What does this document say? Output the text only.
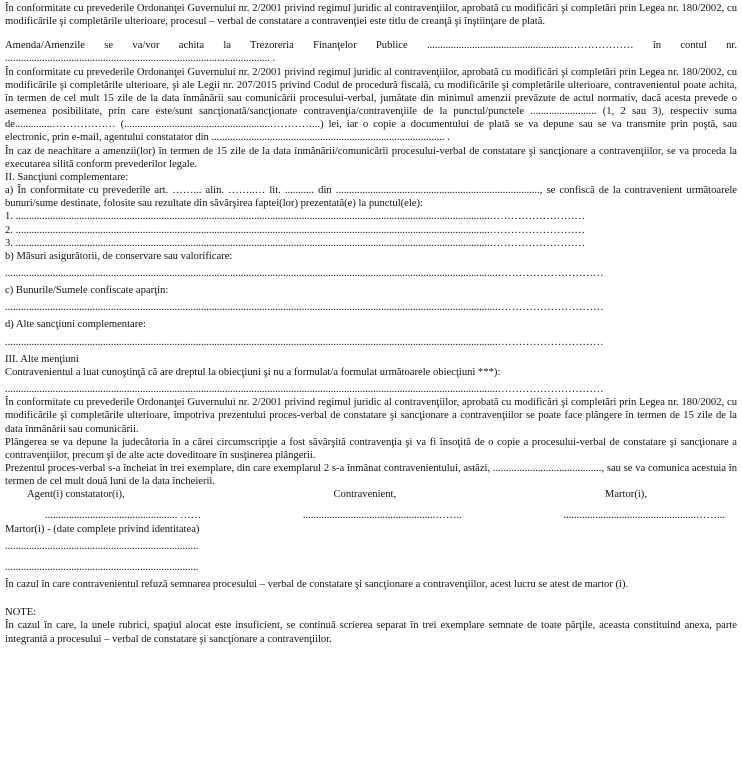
În conformitate cu prevederile Ordonanţei Guvernului nr. 2/2001 privind regimul juridic al contravenţiilor, aprobată cu modificări şi completări prin Legea nr. 180/2002, cu modificările şi completările ulterioare, procesul – verbal de constatare a contravenţiei este titlu de creanţă şi înştiinţare de plată.

Amenda/Amenzile se va/vor achita la Trezoreria Finanţelor Publice ......................................................……………… în contul nr. .................................................................................................... .

În conformitate cu prevederile Ordonanţei Guvernului nr. 2/2001 privind regimul juridic al contravenţiilor, aprobată cu modificări şi completări prin Legea nr. 180/2002, cu modificările şi completările ulterioare, şi ale Legii nr. 207/2015 privind Codul de procedură fiscală, cu modificările şi completările ulterioare, contravenientul poate achita, în termen de cel mult 15 zile de la data înmânării sau comunicării procesului-verbal, jumătate din minimul amenzii prevăzute de actul normativ, dacă acesta prevede o asemenea posibilitate, prin care este/sunt sancţionată/sancţionate contravenţia/contravenţiile de la punctul/punctele ......................... (1, 2 sau 3), respectiv suma de..............……………… (.......................................................…………...) lei, iar o copie a documentului de plată se va depune sau se va transmite prin poştă, sau electronic, prin e-mail, agentului constatator din ........................................................................................ .

În caz de neachitare a amenzii(lor) în termen de 15 zile de la data înmânării/comunicării procesului-verbal de constatare şi sancţionare a contravenţiilor, se va proceda la executarea silită conform prevederilor legale.

II. Sancţiuni complementare:

a) În conformitate cu prevederile art. ……... alin. ……..… lit. ........... din ............................................................................., se confiscă de la contravenient următoarele bunuri/sume destinate, folosite sau rezultate din săvârşirea faptei(lor) prezentată(e) la punctul(ele):

1. ...................................................................................................................................................................................………………………

2. ...................................................................................................................................................................................………………………

3. ...................................................................................................................................................................................………………………

b) Măsuri asigurătorii, de conservare sau valorificare:

..........................................................................................................................................................................................…………………………

c) Bunurile/Sumele confiscate aparţin:

..........................................................................................................................................................................................…………………………

d) Alte sancţiuni complementare:

..........................................................................................................................................................................................…………………………

III. Alte menţiuni

Contravenientul a luat cunoştinţă că are dreptul la obiecţiuni şi nu a formulat/a formulat următoarele obiecţiuni ***):

..........................................................................................................................................................................................…………………………

În conformitate cu prevederile Ordonanţei Guvernului nr. 2/2001 privind regimul juridic al contravenţiilor, aprobată cu modificări şi completări prin Legea nr. 180/2002, cu modificările şi completările ulterioare, împotriva prezentului proces-verbal de constatare şi sancţionare a contravenţiilor se poate face plângere în termen de 15 zile de la data înmânării sau comunicării.

Plângerea se va depune la judecătoria în a cărei circumscripţie a fost săvârşită contravenţia şi va fi însoţită de o copie a procesului-verbal de constatare şi sancţionare a contravenţiilor, precum şi de alte acte doveditoare în susţinerea plângerii.

Prezentul proces-verbal s-a încheiat în trei exemplare, din care exemplarul 2 s-a înmânat contravenientului, astăzi, ........................................., sau se va comunica acestuia în termen de cel mult două luni de la data încheierii.

Agent(i) constatator(i),	Contravenient,	Martor(i),
.................................................. ……	..................................................……..	..................................................……...

Martor(i) - (date complete privind identitatea)

.........................................................................

.........................................................................

În cazul în care contravenientul refuză semnarea procesului – verbal de constatare şi sancţionare a contravenţiilor, acest lucru se atest de martor (i).

NOTE:

În cazul în care, la unele rubrici, spaţiul alocat este insuficient, se continuă scrierea separat în trei exemplare semnate de toate părţile, aceasta constituind anexa, parte integrantă a procesului – verbal de constatare şi sancţionare a contravenţiilor.
